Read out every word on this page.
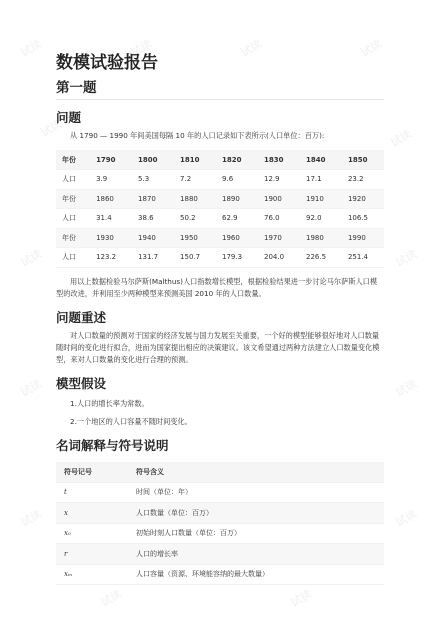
试读	试读	试读	试读
试读	试读
试读	试读
试读	试读
试读	试读
试读	试读
数模试验报告
第一题
问题
从 1790 — 1990 年间美国每隔 10 年的人口记录如下表所示(人口单位：百万):
年份	1790	1800	1810	1820	1830	1840	1850
人口	3.9	5.3	7.2	9.6	12.9	17.1	23.2
年份	1860	1870	1880	1890	1900	1910	1920
人口	31.4	38.6	50.2	62.9	76.0	92.0	106.5
年份	1930	1940	1950	1960	1970	1980	1990
人口	123.2	131.7	150.7	179.3	204.0	226.5	251.4
用以上数据检验马尔萨斯(Malthus)人口指数增长模型，根据检验结果进一步讨论马尔萨斯人口模型的改进，并利用至少两种模型来预测美国 2010 年的人口数量。
问题重述
对人口数量的预测对于国家的经济发展与国力发展至关重要，一个好的模型能够很好地对人口数量随时间的变化进行拟合，进而为国家提出相应的决策建议。该文希望通过两种方法建立人口数量变化模型，来对人口数量的变化进行合理的预测。
模型假设
1.人口的增长率为常数。
2.一个地区的人口容量不随时间变化。
名词解释与符号说明
符号记号	符号含义
t	时间（单位：年）
x	人口数量（单位：百万）
x₀	初始时刻人口数量（单位：百万）
r	人口的增长率
xₘ	人口容量（资源、环境能容纳的最大数量）
